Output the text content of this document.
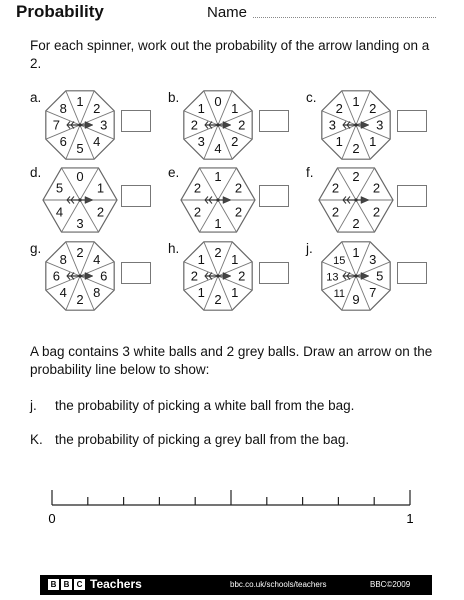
Probability	Name
For each spinner, work out the probability of the arrow landing on a 2.
a.	1 2
3
4
5
6
7
8
b.	0 1
2
2
4
3
2
1
c.	1 2
3
1
2
1
3
2
d.	0
1
2
3
4
5
e.	1
2
2
1
2
2
f.	2
2
2
2
2
2
g.	2 4
6
8
2
4
6
8
h.	2 1
2
1
2
1
2
1
j.	1 3
5
7
9
11
13
15
A bag contains 3 white balls and 2 grey balls. Draw an arrow on the probability line below to show:
j. the probability of picking a white ball from the bag.
K. the probability of picking a grey ball from the bag.
0	1
B B C Teachers	bbc.co.uk/schools/teachers	BBC©2009
